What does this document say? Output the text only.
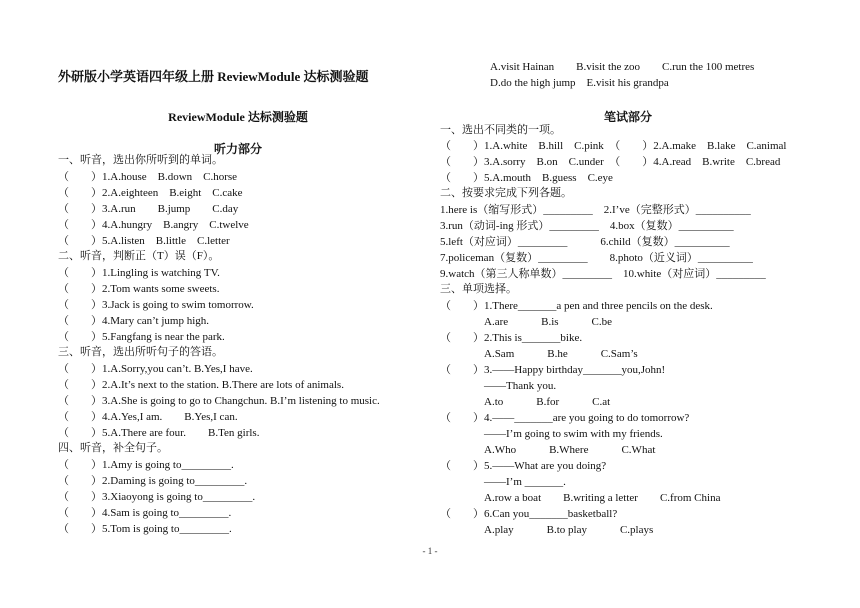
外研版小学英语四年级上册 ReviewModule 达标测验题
ReviewModule 达标测验题
听力部分
一、听音，选出你所听到的单词。
（　　）1.A.house　B.down　C.horse
（　　）2.A.eighteen　B.eight　C.cake
（　　）3.A.run　　B.jump　　C.day
（　　）4.A.hungry　B.angry　C.twelve
（　　）5.A.listen　B.little　C.letter
二、听音，判断正（T）误（F）。
（　　）1.Lingling is watching TV.
（　　）2.Tom wants some sweets.
（　　）3.Jack is going to swim tomorrow.
（　　）4.Mary can’t jump high.
（　　）5.Fangfang is near the park.
三、听音，选出所听句子的答语。
（　　）1.A.Sorry,you can’t. B.Yes,I have.
（　　）2.A.It’s next to the station. B.There are lots of animals.
（　　）3.A.She is going to go to Changchun. B.I’m listening to music.
（　　）4.A.Yes,I am.　　B.Yes,I can.
（　　）5.A.There are four.　　B.Ten girls.
四、听音，补全句子。
（　　）1.Amy is going to_________.
（　　）2.Daming is going to_________.
（　　）3.Xiaoyong is going to_________.
（　　）4.Sam is going to_________.
（　　）5.Tom is going to_________.
A.visit Hainan　　B.visit the zoo　　C.run the 100 metres
D.do the high jump　E.visit his grandpa
笔试部分
一、选出不同类的一项。
（　　）1.A.white　B.hill　C.pink　（　　）2.A.make　B.lake　C.animal
（　　）3.A.sorry　B.on　C.under　（　　）4.A.read　B.write　C.bread
（　　）5.A.mouth　B.guess　C.eye
二、按要求完成下列各题。
1.here is（缩写形式）_________　2.I’ve（完整形式）__________
3.run（动词-ing 形式）_________　4.box（复数）__________
5.left（对应词）_________　　　6.child（复数）__________
7.policeman（复数）_________　　8.photo（近义词）__________
9.watch（第三人称单数）_________　10.white（对应词）_________
三、单项选择。
（　　）1.There_______a pen and three pencils on the desk.
　　　　A.are　　　B.is　　　C.be
（　　）2.This is_______bike.
　　　　A.Sam　　　B.he　　　C.Sam’s
（　　）3.——Happy birthday_______you,John!
　　　　——Thank you.
　　　　A.to　　　B.for　　　C.at
（　　）4.——_______are you going to do tomorrow?
　　　　——I’m going to swim with my friends.
　　　　A.Who　　　B.Where　　　C.What
（　　）5.——What are you doing?
　　　　——I’m _______.
　　　　A.row a boat　　B.writing a letter　　C.from China
（　　）6.Can you_______basketball?
　　　　A.play　　　B.to play　　　C.plays
- 1 -
